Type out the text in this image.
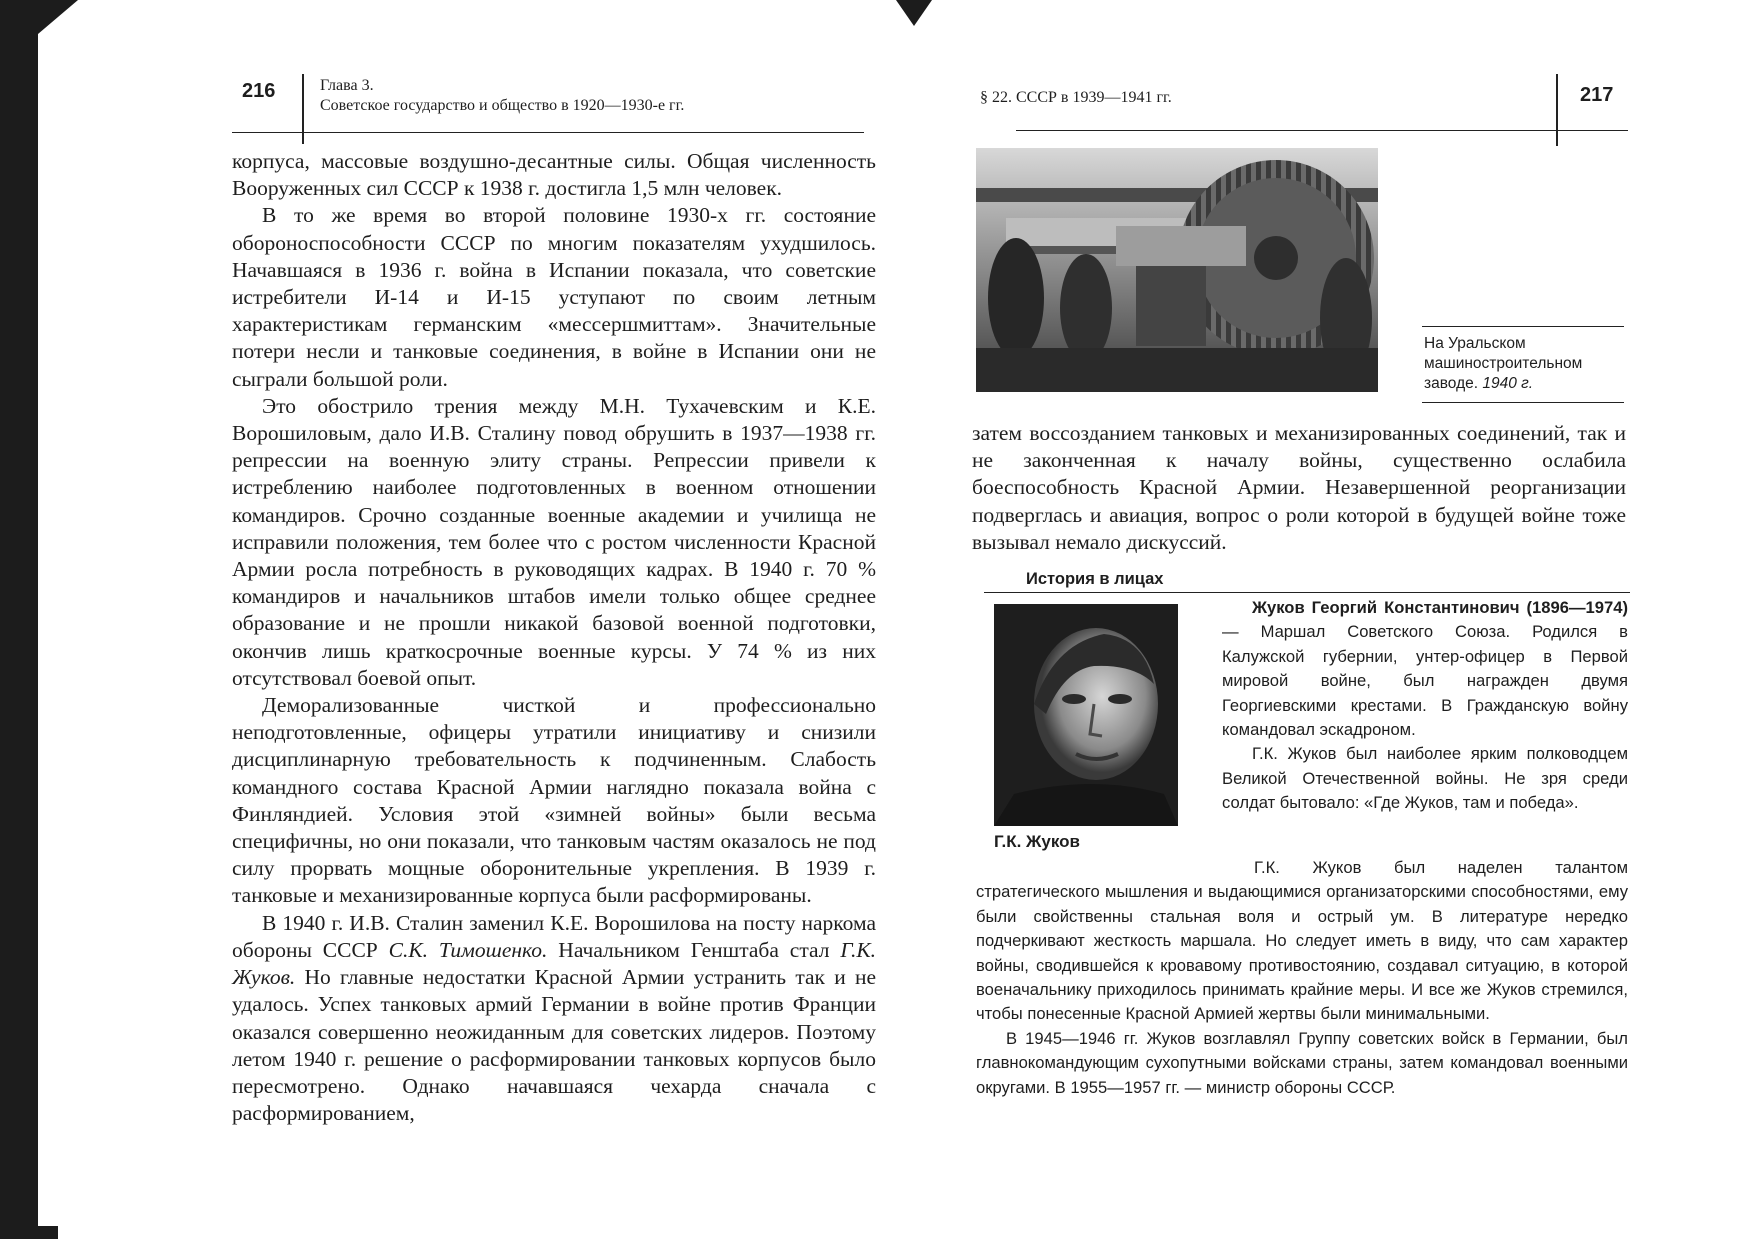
216	Глава 3.
Советское государство и общество в 1920—1930-е гг.

корпуса, массовые воздушно-десантные силы. Общая численность Вооруженных сил СССР к 1938 г. достигла 1,5 млн человек.

В то же время во второй половине 1930-х гг. состояние обороноспособности СССР по многим показателям ухудшилось. Начавшаяся в 1936 г. война в Испании показала, что советские истребители И-14 и И-15 уступают по своим летным характеристикам германским «мессершмиттам». Значительные потери несли и танковые соединения, в войне в Испании они не сыграли большой роли.

Это обострило трения между М.Н. Тухачевским и К.Е. Ворошиловым, дало И.В. Сталину повод обрушить в 1937—1938 гг. репрессии на военную элиту страны. Репрессии привели к истреблению наиболее подготовленных в военном отношении командиров. Срочно созданные военные академии и училища не исправили положения, тем более что с ростом численности Красной Армии росла потребность в руководящих кадрах. В 1940 г. 70 % командиров и начальников штабов имели только общее среднее образование и не прошли никакой базовой военной подготовки, окончив лишь краткосрочные военные курсы. У 74 % из них отсутствовал боевой опыт.

Деморализованные чисткой и профессионально неподготовленные, офицеры утратили инициативу и снизили дисциплинарную требовательность к подчиненным. Слабость командного состава Красной Армии наглядно показала война с Финляндией. Условия этой «зимней войны» были весьма специфичны, но они показали, что танковым частям оказалось не под силу прорвать мощные оборонительные укрепления. В 1939 г. танковые и механизированные корпуса были расформированы.

В 1940 г. И.В. Сталин заменил К.Е. Ворошилова на посту наркома обороны СССР С.К. Тимошенко. Начальником Генштаба стал Г.К. Жуков. Но главные недостатки Красной Армии устранить так и не удалось. Успех танковых армий Германии в войне против Франции оказался совершенно неожиданным для советских лидеров. Поэтому летом 1940 г. решение о расформировании танковых корпусов было пересмотрено. Однако начавшаяся чехарда сначала с расформированием,

§ 22. СССР в 1939—1941 гг.	217
На Уральском машиностроительном заводе. 1940 г.

затем воссозданием танковых и механизированных соединений, так и не законченная к началу войны, существенно ослабила боеспособность Красной Армии. Незавершенной реорганизации подверглась и авиация, вопрос о роли которой в будущей войне тоже вызывал немало дискуссий.

История в лицах
Г.К. Жуков

Жуков Георгий Константинович (1896—1974) — Маршал Советского Союза. Родился в Калужской губернии, унтер-офицер в Первой мировой войне, был награжден двумя Георгиевскими крестами. В Гражданскую войну командовал эскадроном.

Г.К. Жуков был наиболее ярким полководцем Великой Отечественной войны. Не зря среди солдат бытовало: «Где Жуков, там и победа».

Г.К. Жуков был наделен талантом стратегического мышления и выдающимися организаторскими способностями, ему были свойственны стальная воля и острый ум. В литературе нередко подчеркивают жесткость маршала. Но следует иметь в виду, что сам характер войны, сводившейся к кровавому противостоянию, создавал ситуацию, в которой военачальнику приходилось принимать крайние меры. И все же Жуков стремился, чтобы понесенные Красной Армией жертвы были минимальными.

В 1945—1946 гг. Жуков возглавлял Группу советских войск в Германии, был главнокомандующим сухопутными войсками страны, затем командовал военными округами. В 1955—1957 гг. — министр обороны СССР.
